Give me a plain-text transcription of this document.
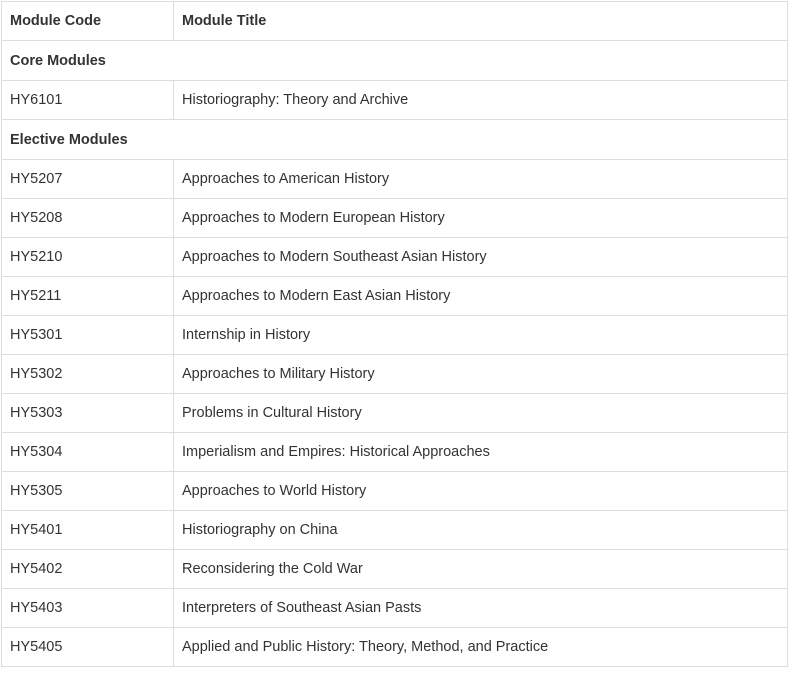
Module Code	Module Title
Core Modules	
HY6101	Historiography: Theory and Archive
Elective Modules	
HY5207	Approaches to American History
HY5208	Approaches to Modern European History
HY5210	Approaches to Modern Southeast Asian History
HY5211	Approaches to Modern East Asian History
HY5301	Internship in History
HY5302	Approaches to Military History
HY5303	Problems in Cultural History
HY5304	Imperialism and Empires: Historical Approaches
HY5305	Approaches to World History
HY5401	Historiography on China
HY5402	Reconsidering the Cold War
HY5403	Interpreters of Southeast Asian Pasts
HY5405	Applied and Public History: Theory, Method, and Practice
